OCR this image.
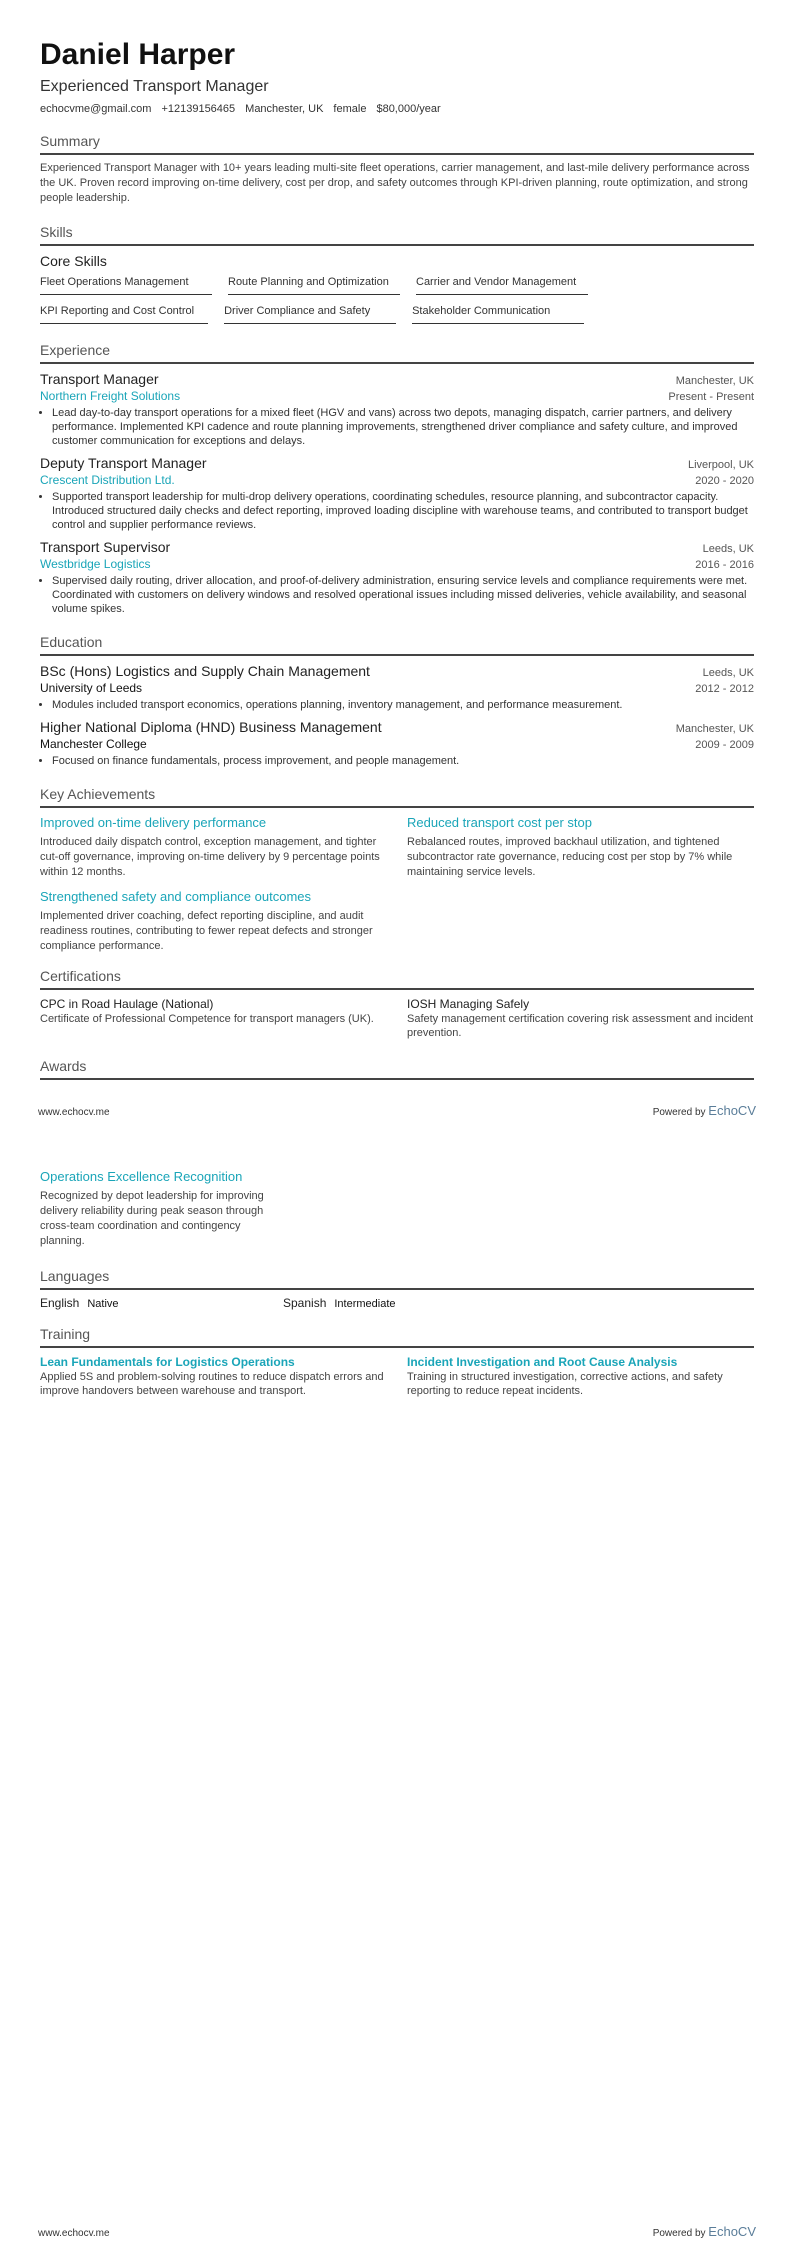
Daniel Harper
Experienced Transport Manager
echocvme@gmail.com +12139156465 Manchester, UK female $80,000/year
Summary
Experienced Transport Manager with 10+ years leading multi-site fleet operations, carrier management, and last-mile delivery performance across the UK. Proven record improving on-time delivery, cost per drop, and safety outcomes through KPI-driven planning, route optimization, and strong people leadership.
Skills
Core Skills
Fleet Operations Management	Route Planning and Optimization	Carrier and Vendor Management
KPI Reporting and Cost Control	Driver Compliance and Safety	Stakeholder Communication
Experience
Transport Manager	Manchester, UK
Northern Freight Solutions	Present - Present
• Lead day-to-day transport operations for a mixed fleet (HGV and vans) across two depots, managing dispatch, carrier partners, and delivery performance. Implemented KPI cadence and route planning improvements, strengthened driver compliance and safety culture, and improved customer communication for exceptions and delays.
Deputy Transport Manager	Liverpool, UK
Crescent Distribution Ltd.	2020 - 2020
• Supported transport leadership for multi-drop delivery operations, coordinating schedules, resource planning, and subcontractor capacity. Introduced structured daily checks and defect reporting, improved loading discipline with warehouse teams, and contributed to transport budget control and supplier performance reviews.
Transport Supervisor	Leeds, UK
Westbridge Logistics	2016 - 2016
• Supervised daily routing, driver allocation, and proof-of-delivery administration, ensuring service levels and compliance requirements were met. Coordinated with customers on delivery windows and resolved operational issues including missed deliveries, vehicle availability, and seasonal volume spikes.
Education
BSc (Hons) Logistics and Supply Chain Management	Leeds, UK
University of Leeds	2012 - 2012
• Modules included transport economics, operations planning, inventory management, and performance measurement.
Higher National Diploma (HND) Business Management	Manchester, UK
Manchester College	2009 - 2009
• Focused on finance fundamentals, process improvement, and people management.
Key Achievements
Improved on-time delivery performance
Introduced daily dispatch control, exception management, and tighter cut-off governance, improving on-time delivery by 9 percentage points within 12 months.
Reduced transport cost per stop
Rebalanced routes, improved backhaul utilization, and tightened subcontractor rate governance, reducing cost per stop by 7% while maintaining service levels.
Strengthened safety and compliance outcomes
Implemented driver coaching, defect reporting discipline, and audit readiness routines, contributing to fewer repeat defects and stronger compliance performance.
Certifications
CPC in Road Haulage (National)
Certificate of Professional Competence for transport managers (UK).
IOSH Managing Safely
Safety management certification covering risk assessment and incident prevention.
Awards
www.echocv.me	Powered by EchoCV
Operations Excellence Recognition
Recognized by depot leadership for improving delivery reliability during peak season through cross-team coordination and contingency planning.
Languages
English Native	Spanish Intermediate
Training
Lean Fundamentals for Logistics Operations
Applied 5S and problem-solving routines to reduce dispatch errors and improve handovers between warehouse and transport.
Incident Investigation and Root Cause Analysis
Training in structured investigation, corrective actions, and safety reporting to reduce repeat incidents.
www.echocv.me	Powered by EchoCV
